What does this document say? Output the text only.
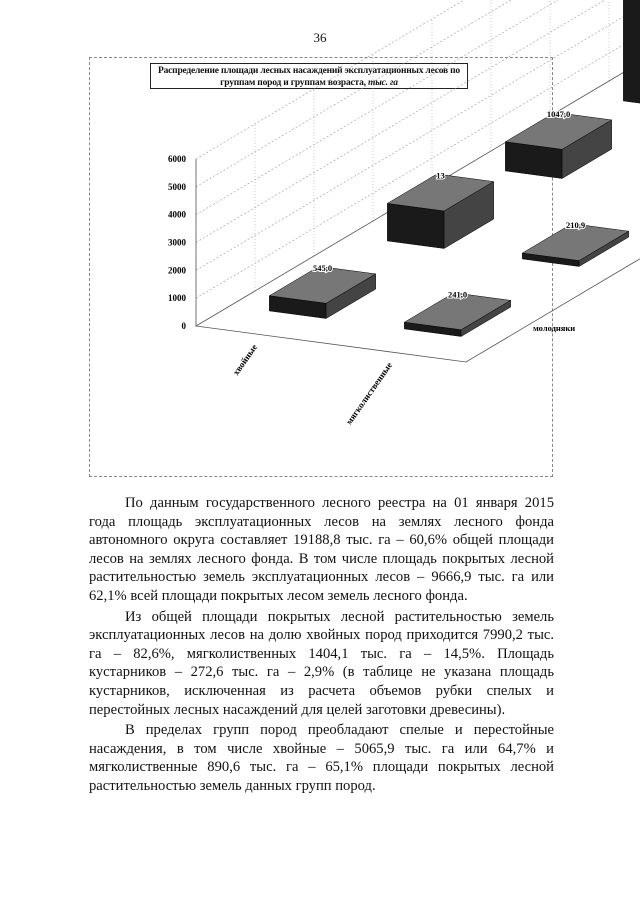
36
Распределение площади лесных насаждений эксплуатационных лесов по группам пород и группам возраста, тыс. га
0
1000
2000
3000
4000
5000
6000
1047,0
13
210,9
545,0
241,0
молодняки
хвойные
мягколиственные

По данным государственного лесного реестра на 01 января 2015 года площадь эксплуатационных лесов на землях лесного фонда автономного округа составляет 19188,8 тыс. га – 60,6% общей площади лесов на землях лесного фонда. В том числе площадь покрытых лесной растительностью земель эксплуатационных лесов – 9666,9 тыс. га или 62,1% всей площади покрытых лесом земель лесного фонда.

Из общей площади покрытых лесной растительностью земель эксплуатационных лесов на долю хвойных пород приходится 7990,2 тыс. га – 82,6%, мягколиственных 1404,1 тыс. га – 14,5%. Площадь кустарников – 272,6 тыс. га – 2,9% (в таблице не указана площадь кустарников, исключенная из расчета объемов рубки спелых и перестойных лесных насаждений для целей заготовки древесины).

В пределах групп пород преобладают спелые и перестойные насаждения, в том числе хвойные – 5065,9 тыс. га или 64,7% и мягколиственные 890,6 тыс. га – 65,1% площади покрытых лесной растительностью земель данных групп пород.
